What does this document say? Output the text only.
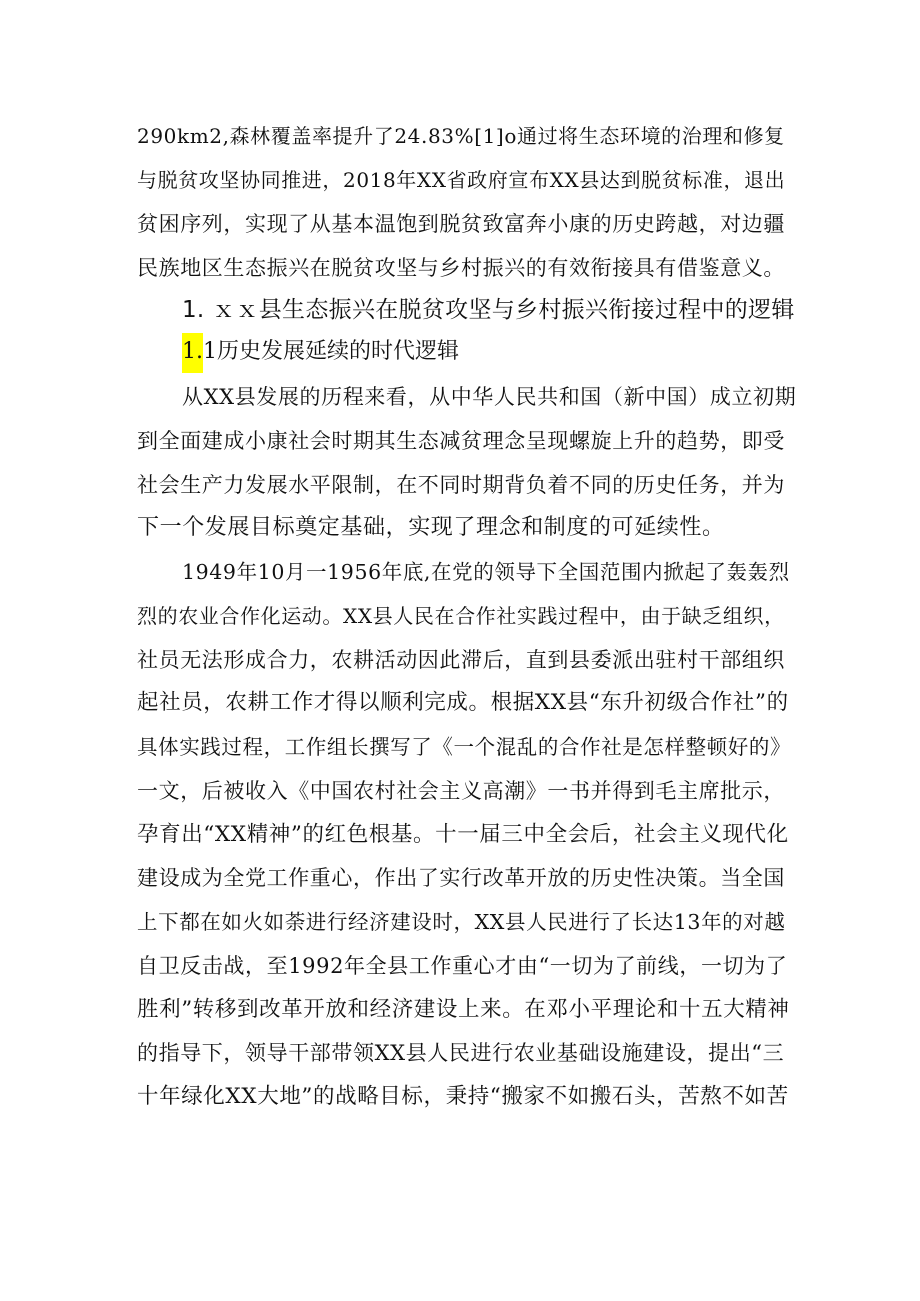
290km2,森林覆盖率提升了24.83%[1]o通过将生态环境的治理和修复
与脱贫攻坚协同推进，2018年XX省政府宣布XX县达到脱贫标准，退出
贫困序列，实现了从基本温饱到脱贫致富奔小康的历史跨越，对边疆
民族地区生态振兴在脱贫攻坚与乡村振兴的有效衔接具有借鉴意义。
1. ｘｘ县生态振兴在脱贫攻坚与乡村振兴衔接过程中的逻辑
1.1历史发展延续的时代逻辑
从XX县发展的历程来看，从中华人民共和国（新中国）成立初期
到全面建成小康社会时期其生态减贫理念呈现螺旋上升的趋势，即受
社会生产力发展水平限制，在不同时期背负着不同的历史任务，并为
下一个发展目标奠定基础，实现了理念和制度的可延续性。
1949年10月一1956年底,在党的领导下全国范围内掀起了轰轰烈
烈的农业合作化运动。XX县人民在合作社实践过程中，由于缺乏组织，
社员无法形成合力，农耕活动因此滞后，直到县委派出驻村干部组织
起社员，农耕工作才得以顺利完成。根据XX县“东升初级合作社”的
具体实践过程，工作组长撰写了《一个混乱的合作社是怎样整顿好的》
一文，后被收入《中国农村社会主义高潮》一书并得到毛主席批示，
孕育出“XX精神”的红色根基。十一届三中全会后，社会主义现代化
建设成为全党工作重心，作出了实行改革开放的历史性决策。当全国
上下都在如火如荼进行经济建设时，XX县人民进行了长达13年的对越
自卫反击战，至1992年全县工作重心才由“一切为了前线，一切为了
胜利”转移到改革开放和经济建设上来。在邓小平理论和十五大精神
的指导下，领导干部带领XX县人民进行农业基础设施建设，提出“三
十年绿化XX大地”的战略目标，秉持“搬家不如搬石头，苦熬不如苦
